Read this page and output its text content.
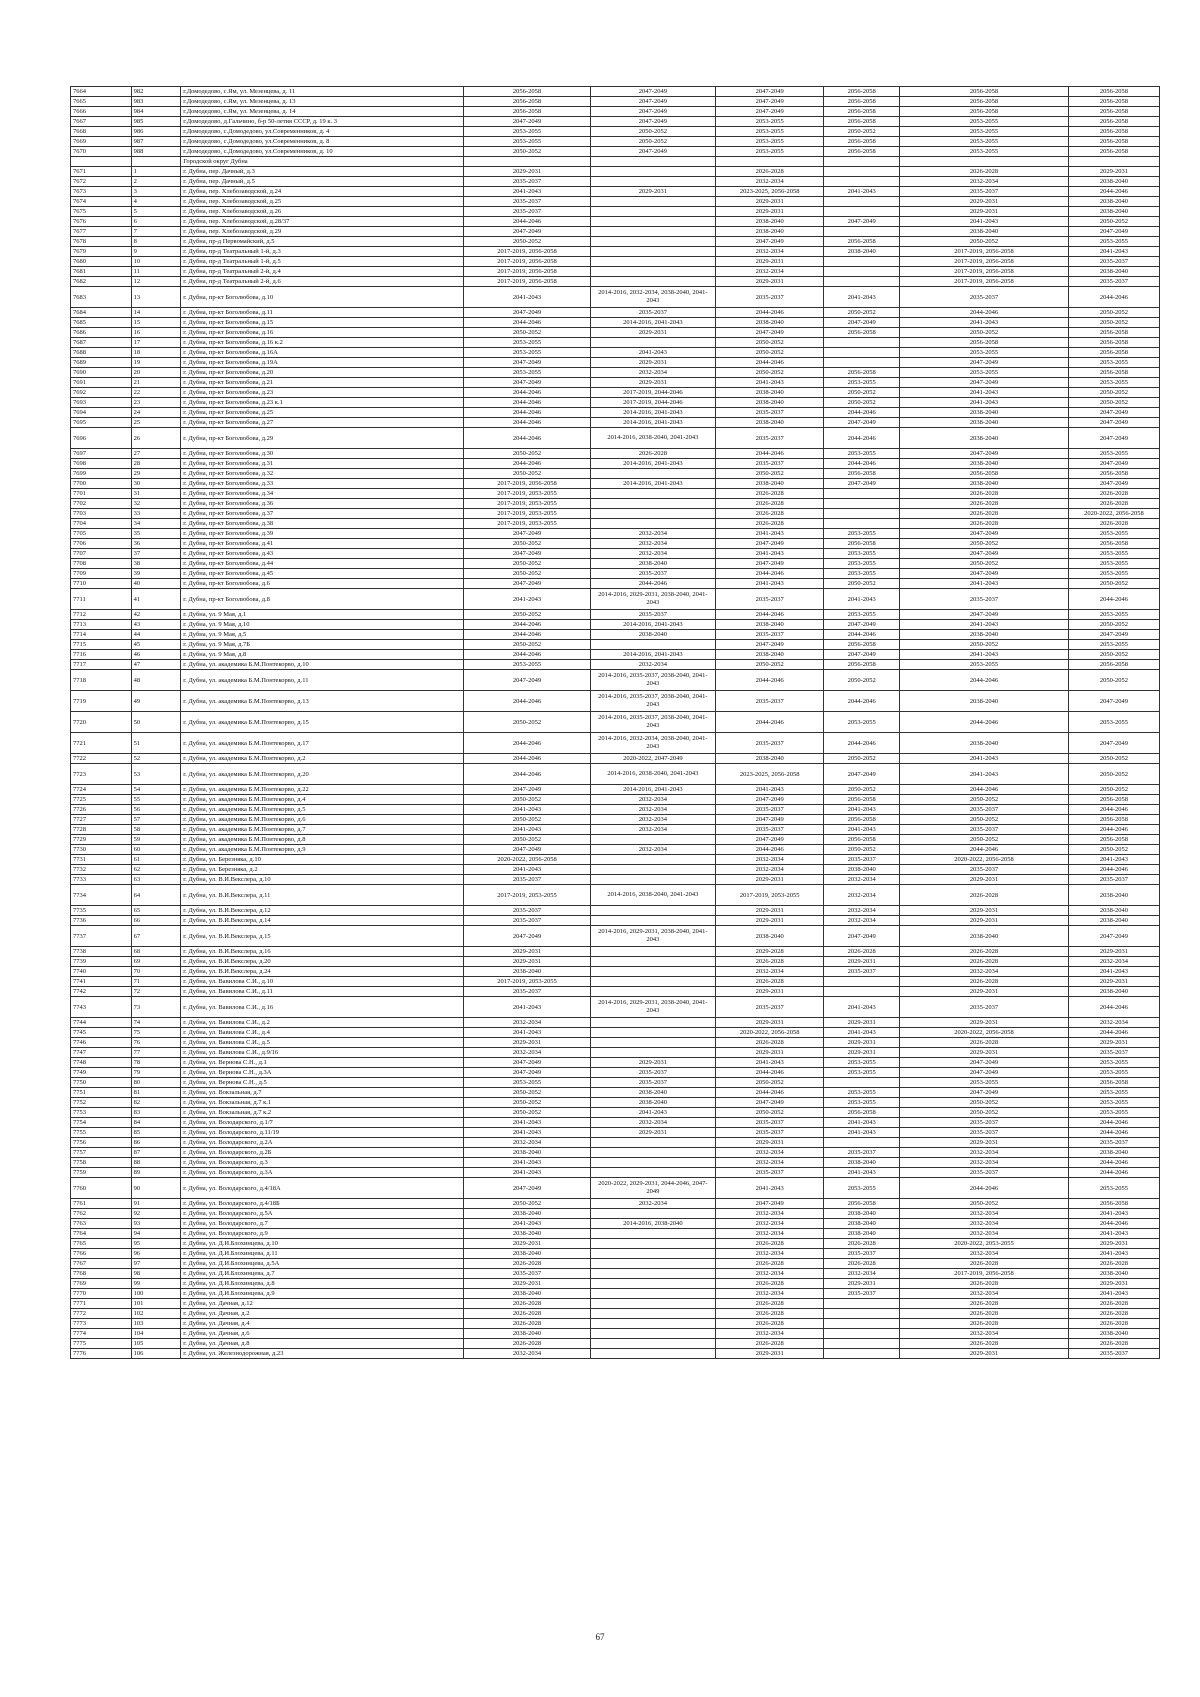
7664	982	г.Домодедово, с.Ям, ул. Мезенцева, д. 11	2056-2058	2047-2049	2047-2049	2056-2058	2056-2058	2056-2058
7665	983	г.Домодедово, с.Ям, ул. Мезенцева, д. 13	2056-2058	2047-2049	2047-2049	2056-2058	2056-2058	2056-2058
7666	984	г.Домодедово, с.Ям, ул. Мезенцева, д. 14	2056-2058	2047-2049	2047-2049	2056-2058	2056-2058	2056-2058
7667	985	г.Домодедово, д.Гальчино, б-р 50-летия СССР, д. 19 к. 3	2047-2049	2047-2049	2053-2055	2056-2058	2053-2055	2056-2058
7668	986	г.Домодедово, с.Домодедово, ул.Современников, д. 4	2053-2055	2050-2052	2053-2055	2050-2052	2053-2055	2056-2058
7669	987	г.Домодедово, с.Домодедово, ул.Современников, д. 8	2053-2055	2050-2052	2053-2055	2056-2058	2053-2055	2056-2058
7670	988	г.Домодедово, с.Домодедово, ул.Современников, д. 10	2050-2052	2047-2049	2053-2055	2056-2058	2053-2055	2056-2058
		Городской округ Дубна						
7671	1	г. Дубна, пер. Дачный, д.3	2029-2031		2026-2028		2026-2028	2029-2031
7672	2	г. Дубна, пер. Дачный, д.5	2035-2037		2032-2034		2032-2034	2038-2040
7673	3	г. Дубна, пер. Хлебозаводской, д.24	2041-2043	2029-2031	2023-2025, 2056-2058	2041-2043	2035-2037	2044-2046
7674	4	г. Дубна, пер. Хлебозаводской, д.25	2035-2037		2029-2031		2029-2031	2038-2040
7675	5	г. Дубна, пер. Хлебозаводской, д.26	2035-2037		2029-2031		2029-2031	2038-2040
7676	6	г. Дубна, пер. Хлебозаводской, д.28/37	2044-2046		2038-2040	2047-2049	2041-2043	2050-2052
7677	7	г. Дубна, пер. Хлебозаводской, д.29	2047-2049		2038-2040		2038-2040	2047-2049
7678	8	г. Дубна, пр-д Первомайский, д.5	2050-2052		2047-2049	2056-2058	2050-2052	2053-2055
7679	9	г. Дубна, пр-д Театральный 1-й, д.3	2017-2019, 2056-2058		2032-2034	2038-2040	2017-2019, 2056-2058	2041-2043
7680	10	г. Дубна, пр-д Театральный 1-й, д.5	2017-2019, 2056-2058		2029-2031		2017-2019, 2056-2058	2035-2037
7681	11	г. Дубна, пр-д Театральный 2-й, д.4	2017-2019, 2056-2058		2032-2034		2017-2019, 2056-2058	2038-2040
7682	12	г. Дубна, пр-д Театральный 2-й, д.6	2017-2019, 2056-2058		2029-2031		2017-2019, 2056-2058	2035-2037
7683	13	г. Дубна, пр-кт Боголюбова, д.10	2041-2043	2014-2016, 2032-2034, 2038-2040, 2041-2043	2035-2037	2041-2043	2035-2037	2044-2046
7684	14	г. Дубна, пр-кт Боголюбова, д.11	2047-2049	2035-2037	2044-2046	2050-2052	2044-2046	2050-2052
7685	15	г. Дубна, пр-кт Боголюбова, д.15	2044-2046	2014-2016, 2041-2043	2038-2040	2047-2049	2041-2043	2050-2052
7686	16	г. Дубна, пр-кт Боголюбова, д.16	2050-2052	2029-2031	2047-2049	2056-2058	2050-2052	2056-2058
7687	17	г. Дубна, пр-кт Боголюбова, д.16 к.2	2053-2055		2050-2052		2056-2058	2056-2058
7688	18	г. Дубна, пр-кт Боголюбова, д.16А	2053-2055	2041-2043	2050-2052		2053-2055	2056-2058
7689	19	г. Дубна, пр-кт Боголюбова, д.19А	2047-2049	2029-2031	2044-2046		2047-2049	2053-2055
7690	20	г. Дубна, пр-кт Боголюбова, д.20	2053-2055	2032-2034	2050-2052	2056-2058	2053-2055	2056-2058
7691	21	г. Дубна, пр-кт Боголюбова, д.21	2047-2049	2029-2031	2041-2043	2053-2055	2047-2049	2053-2055
7692	22	г. Дубна, пр-кт Боголюбова, д.23	2044-2046	2017-2019, 2044-2046	2038-2040	2050-2052	2041-2043	2050-2052
7693	23	г. Дубна, пр-кт Боголюбова, д.23 к.1	2044-2046	2017-2019, 2044-2046	2038-2040	2050-2052	2041-2043	2050-2052
7694	24	г. Дубна, пр-кт Боголюбова, д.25	2044-2046	2014-2016, 2041-2043	2035-2037	2044-2046	2038-2040	2047-2049
7695	25	г. Дубна, пр-кт Боголюбова, д.27	2044-2046	2014-2016, 2041-2043	2038-2040	2047-2049	2038-2040	2047-2049
7696	26	г. Дубна, пр-кт Боголюбова, д.29	2044-2046	2014-2016, 2038-2040, 2041-2043	2035-2037	2044-2046	2038-2040	2047-2049
7697	27	г. Дубна, пр-кт Боголюбова, д.30	2050-2052	2026-2028	2044-2046	2053-2055	2047-2049	2053-2055
7698	28	г. Дубна, пр-кт Боголюбова, д.31	2044-2046	2014-2016, 2041-2043	2035-2037	2044-2046	2038-2040	2047-2049
7699	29	г. Дубна, пр-кт Боголюбова, д.32	2050-2052		2050-2052	2056-2058	2056-2058	2056-2058
7700	30	г. Дубна, пр-кт Боголюбова, д.33	2017-2019, 2056-2058	2014-2016, 2041-2043	2038-2040	2047-2049	2038-2040	2047-2049
7701	31	г. Дубна, пр-кт Боголюбова, д.34	2017-2019, 2053-2055		2026-2028		2026-2028	2026-2028
7702	32	г. Дубна, пр-кт Боголюбова, д.36	2017-2019, 2053-2055		2026-2028		2026-2028	2026-2028
7703	33	г. Дубна, пр-кт Боголюбова, д.37	2017-2019, 2053-2055		2026-2028		2026-2028	2020-2022, 2056-2058
7704	34	г. Дубна, пр-кт Боголюбова, д.38	2017-2019, 2053-2055		2026-2028		2026-2028	2026-2028
7705	35	г. Дубна, пр-кт Боголюбова, д.39	2047-2049	2032-2034	2041-2043	2053-2055	2047-2049	2053-2055
7706	36	г. Дубна, пр-кт Боголюбова, д.41	2050-2052	2032-2034	2047-2049	2056-2058	2050-2052	2056-2058
7707	37	г. Дубна, пр-кт Боголюбова, д.43	2047-2049	2032-2034	2041-2043	2053-2055	2047-2049	2053-2055
7708	38	г. Дубна, пр-кт Боголюбова, д.44	2050-2052	2038-2040	2047-2049	2053-2055	2050-2052	2053-2055
7709	39	г. Дубна, пр-кт Боголюбова, д.45	2050-2052	2035-2037	2044-2046	2053-2055	2047-2049	2053-2055
7710	40	г. Дубна, пр-кт Боголюбова, д.6	2047-2049	2044-2046	2041-2043	2050-2052	2041-2043	2050-2052
7711	41	г. Дубна, пр-кт Боголюбова, д.8	2041-2043	2014-2016, 2029-2031, 2038-2040, 2041-2043	2035-2037	2041-2043	2035-2037	2044-2046
7712	42	г. Дубна, ул. 9 Мая, д.1	2050-2052	2035-2037	2044-2046	2053-2055	2047-2049	2053-2055
7713	43	г. Дубна, ул. 9 Мая, д.10	2044-2046	2014-2016, 2041-2043	2038-2040	2047-2049	2041-2043	2050-2052
7714	44	г. Дубна, ул. 9 Мая, д.5	2044-2046	2038-2040	2035-2037	2044-2046	2038-2040	2047-2049
7715	45	г. Дубна, ул. 9 Мая, д.7Б	2050-2052		2047-2049	2056-2058	2050-2052	2053-2055
7716	46	г. Дубна, ул. 9 Мая, д.8	2044-2046	2014-2016, 2041-2043	2038-2040	2047-2049	2041-2043	2050-2052
7717	47	г. Дубна, ул. академика Б.М.Понтекорво, д.10	2053-2055	2032-2034	2050-2052	2056-2058	2053-2055	2056-2058
7718	48	г. Дубна, ул. академика Б.М.Понтекорво, д.11	2047-2049	2014-2016, 2035-2037, 2038-2040, 2041-2043	2044-2046	2050-2052	2044-2046	2050-2052
7719	49	г. Дубна, ул. академика Б.М.Понтекорво, д.13	2044-2046	2014-2016, 2035-2037, 2038-2040, 2041-2043	2035-2037	2044-2046	2038-2040	2047-2049
7720	50	г. Дубна, ул. академика Б.М.Понтекорво, д.15	2050-2052	2014-2016, 2035-2037, 2038-2040, 2041-2043	2044-2046	2053-2055	2044-2046	2053-2055
7721	51	г. Дубна, ул. академика Б.М.Понтекорво, д.17	2044-2046	2014-2016, 2032-2034, 2038-2040, 2041-2043	2035-2037	2044-2046	2038-2040	2047-2049
7722	52	г. Дубна, ул. академика Б.М.Понтекорво, д.2	2044-2046	2020-2022, 2047-2049	2038-2040	2050-2052	2041-2043	2050-2052
7723	53	г. Дубна, ул. академика Б.М.Понтекорво, д.20	2044-2046	2014-2016, 2038-2040, 2041-2043	2023-2025, 2056-2058	2047-2049	2041-2043	2050-2052
7724	54	г. Дубна, ул. академика Б.М.Понтекорво, д.22	2047-2049	2014-2016, 2041-2043	2041-2043	2050-2052	2044-2046	2050-2052
7725	55	г. Дубна, ул. академика Б.М.Понтекорво, д.4	2050-2052	2032-2034	2047-2049	2056-2058	2050-2052	2056-2058
7726	56	г. Дубна, ул. академика Б.М.Понтекорво, д.5	2041-2043	2032-2034	2035-2037	2041-2043	2035-2037	2044-2046
7727	57	г. Дубна, ул. академика Б.М.Понтекорво, д.6	2050-2052	2032-2034	2047-2049	2056-2058	2050-2052	2056-2058
7728	58	г. Дубна, ул. академика Б.М.Понтекорво, д.7	2041-2043	2032-2034	2035-2037	2041-2043	2035-2037	2044-2046
7729	59	г. Дубна, ул. академика Б.М.Понтекорво, д.8	2050-2052		2047-2049	2056-2058	2050-2052	2056-2058
7730	60	г. Дубна, ул. академика Б.М.Понтекорво, д.9	2047-2049	2032-2034	2044-2046	2050-2052	2044-2046	2050-2052
7731	61	г. Дубна, ул. Березняка, д.10	2020-2022, 2056-2058		2032-2034	2035-2037	2020-2022, 2056-2058	2041-2043
7732	62	г. Дубна, ул. Березняка, д.2	2041-2043		2032-2034	2038-2040	2035-2037	2044-2046
7733	63	г. Дубна, ул. В.И.Векслера, д.10	2035-2037		2029-2031	2032-2034	2029-2031	2035-2037
7734	64	г. Дубна, ул. В.И.Векслера, д.11	2017-2019, 2053-2055	2014-2016, 2038-2040, 2041-2043	2017-2019, 2053-2055	2032-2034	2026-2028	2038-2040
7735	65	г. Дубна, ул. В.И.Векслера, д.12	2035-2037		2029-2031	2032-2034	2029-2031	2038-2040
7736	66	г. Дубна, ул. В.И.Векслера, д.14	2035-2037		2029-2031	2032-2034	2029-2031	2038-2040
7737	67	г. Дубна, ул. В.И.Векслера, д.15	2047-2049	2014-2016, 2029-2031, 2038-2040, 2041-2043	2038-2040	2047-2049	2038-2040	2047-2049
7738	68	г. Дубна, ул. В.И.Векслера, д.16	2029-2031		2029-2028	2026-2028	2026-2028	2029-2031
7739	69	г. Дубна, ул. В.И.Векслера, д.20	2029-2031		2026-2028	2029-2031	2026-2028	2032-2034
7740	70	г. Дубна, ул. В.И.Векслера, д.24	2038-2040		2032-2034	2035-2037	2032-2034	2041-2043
7741	71	г. Дубна, ул. Вавилова С.И., д.10	2017-2019, 2053-2055		2026-2028		2026-2028	2029-2031
7742	72	г. Дубна, ул. Вавилова С.И., д.11	2035-2037		2029-2031		2029-2031	2038-2040
7743	73	г. Дубна, ул. Вавилова С.И., д.16	2041-2043	2014-2016, 2029-2031, 2038-2040, 2041-2043	2035-2037	2041-2043	2035-2037	2044-2046
7744	74	г. Дубна, ул. Вавилова С.И., д.2	2032-2034		2029-2031	2029-2031	2029-2031	2032-2034
7745	75	г. Дубна, ул. Вавилова С.И., д.4	2041-2043		2020-2022, 2056-2058	2041-2043	2020-2022, 2056-2058	2044-2046
7746	76	г. Дубна, ул. Вавилова С.И., д.5	2029-2031		2026-2028	2029-2031	2026-2028	2029-2031
7747	77	г. Дубна, ул. Вавилова С.И., д.9/16	2032-2034		2029-2031	2029-2031	2029-2031	2035-2037
7748	78	г. Дубна, ул. Вернова С.Н., д.1	2047-2049	2029-2031	2041-2043	2053-2055	2047-2049	2053-2055
7749	79	г. Дубна, ул. Вернова С.Н., д.3А	2047-2049	2035-2037	2044-2046	2053-2055	2047-2049	2053-2055
7750	80	г. Дубна, ул. Вернова С.Н., д.5	2053-2055	2035-2037	2050-2052		2053-2055	2056-2058
7751	81	г. Дубна, ул. Вокзальная, д.7	2050-2052	2038-2040	2044-2046	2053-2055	2047-2049	2053-2055
7752	82	г. Дубна, ул. Вокзальная, д.7 к.1	2050-2052	2038-2040	2047-2049	2053-2055	2050-2052	2053-2055
7753	83	г. Дубна, ул. Вокзальная, д.7 к.2	2050-2052	2041-2043	2050-2052	2056-2058	2050-2052	2053-2055
7754	84	г. Дубна, ул. Володарского, д.1/7	2041-2043	2032-2034	2035-2037	2041-2043	2035-2037	2044-2046
7755	85	г. Дубна, ул. Володарского, д.11/19	2041-2043	2029-2031	2035-2037	2041-2043	2035-2037	2044-2046
7756	86	г. Дубна, ул. Володарского, д.2А	2032-2034		2029-2031		2029-2031	2035-2037
7757	87	г. Дубна, ул. Володарского, д.2Б	2038-2040		2032-2034	2035-2037	2032-2034	2038-2040
7758	88	г. Дубна, ул. Володарского, д.3	2041-2043		2032-2034	2038-2040	2032-2034	2044-2046
7759	89	г. Дубна, ул. Володарского, д.3А	2041-2043		2035-2037	2041-2043	2035-2037	2044-2046
7760	90	г. Дубна, ул. Володарского, д.4/18А	2047-2049	2020-2022, 2029-2031, 2044-2046, 2047-2049	2041-2043	2053-2055	2044-2046	2053-2055
7761	91	г. Дубна, ул. Володарского, д.4/18Б	2050-2052	2032-2034	2047-2049	2056-2058	2050-2052	2056-2058
7762	92	г. Дубна, ул. Володарского, д.5А	2038-2040		2032-2034	2038-2040	2032-2034	2041-2043
7763	93	г. Дубна, ул. Володарского, д.7	2041-2043	2014-2016, 2038-2040	2032-2034	2038-2040	2032-2034	2044-2046
7764	94	г. Дубна, ул. Володарского, д.9	2038-2040		2032-2034	2038-2040	2032-2034	2041-2043
7765	95	г. Дубна, ул. Д.И.Блохинцева, д.10	2029-2031		2026-2028	2026-2028	2020-2022, 2053-2055	2029-2031
7766	96	г. Дубна, ул. Д.И.Блохинцева, д.11	2038-2040		2032-2034	2035-2037	2032-2034	2041-2043
7767	97	г. Дубна, ул. Д.И.Блохинцева, д.5А	2026-2028		2026-2028	2026-2028	2026-2028	2026-2028
7768	98	г. Дубна, ул. Д.И.Блохинцева, д.7	2035-2037		2032-2034	2032-2034	2017-2019, 2056-2058	2038-2040
7769	99	г. Дубна, ул. Д.И.Блохинцева, д.8	2029-2031		2026-2028	2029-2031	2026-2028	2029-2031
7770	100	г. Дубна, ул. Д.И.Блохинцева, д.9	2038-2040		2032-2034	2035-2037	2032-2034	2041-2043
7771	101	г. Дубна, ул. Дачная, д.12	2026-2028		2026-2028		2026-2028	2026-2028
7772	102	г. Дубна, ул. Дачная, д.2	2026-2028		2026-2028		2026-2028	2026-2028
7773	103	г. Дубна, ул. Дачная, д.4	2026-2028		2026-2028		2026-2028	2026-2028
7774	104	г. Дубна, ул. Дачная, д.6	2038-2040		2032-2034		2032-2034	2038-2040
7775	105	г. Дубна, ул. Дачная, д.8	2026-2028		2026-2028		2026-2028	2026-2028
7776	106	г. Дубна, ул. Железнодорожная, д.23	2032-2034		2029-2031		2029-2031	2035-2037
67
